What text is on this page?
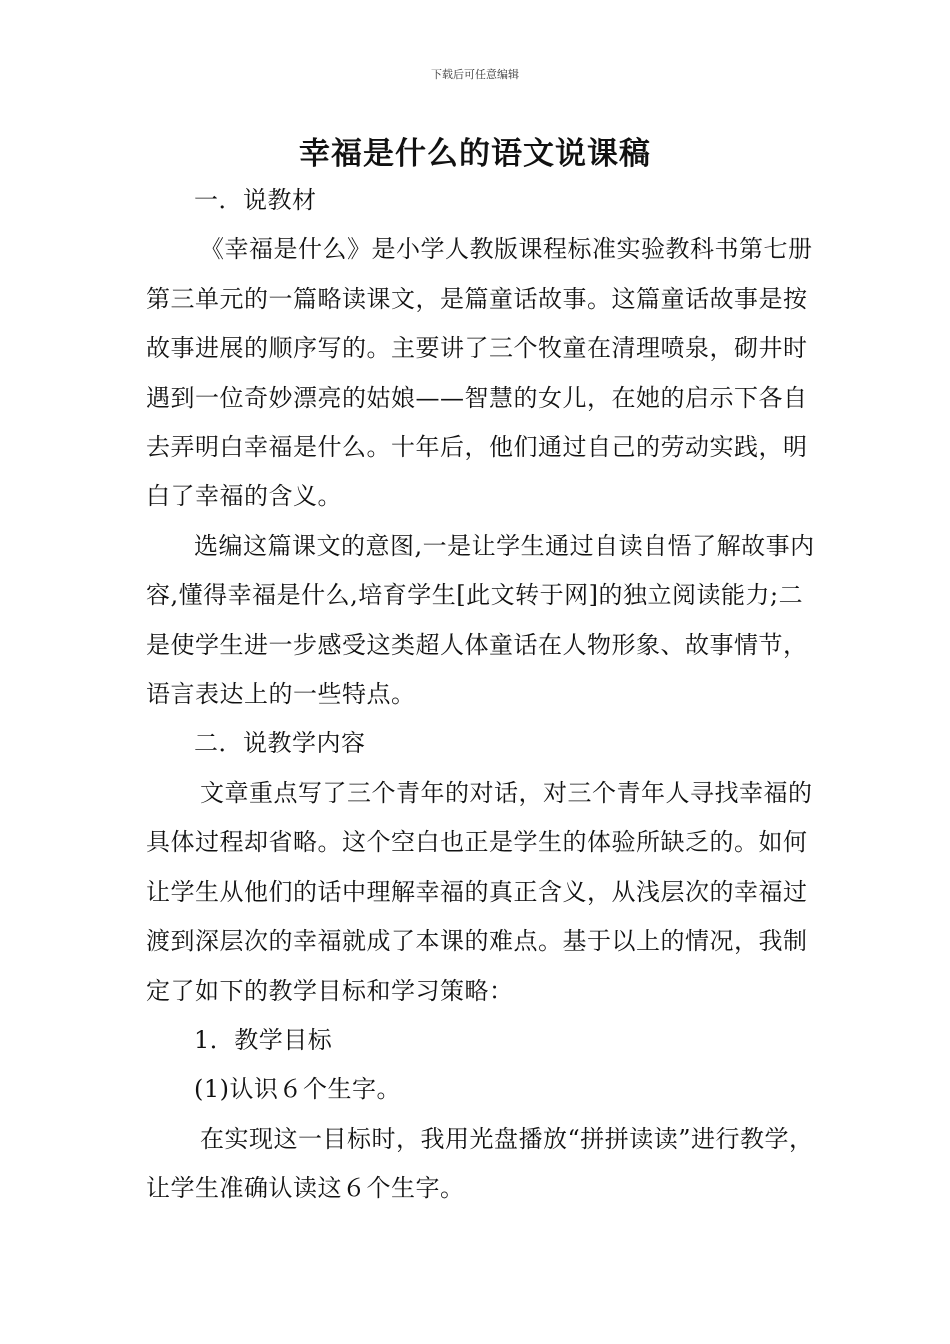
下载后可任意编辑
幸福是什么的语文说课稿

一．说教材

《幸福是什么》是小学人教版课程标准实验教科书第七册第三单元的一篇略读课文，是篇童话故事。这篇童话故事是按故事进展的顺序写的。主要讲了三个牧童在清理喷泉，砌井时遇到一位奇妙漂亮的姑娘——智慧的女儿，在她的启示下各自去弄明白幸福是什么。十年后，他们通过自己的劳动实践，明白了幸福的含义。

选编这篇课文的意图,一是让学生通过自读自悟了解故事内容,懂得幸福是什么,培育学生[此文转于网]的独立阅读能力;二是使学生进一步感受这类超人体童话在人物形象、故事情节，语言表达上的一些特点。

二．说教学内容

文章重点写了三个青年的对话，对三个青年人寻找幸福的具体过程却省略。这个空白也正是学生的体验所缺乏的。如何让学生从他们的话中理解幸福的真正含义，从浅层次的幸福过渡到深层次的幸福就成了本课的难点。基于以上的情况，我制定了如下的教学目标和学习策略：

1．教学目标

(1)认识６个生字。

在实现这一目标时，我用光盘播放“拼拼读读”进行教学，让学生准确认读这６个生字。
